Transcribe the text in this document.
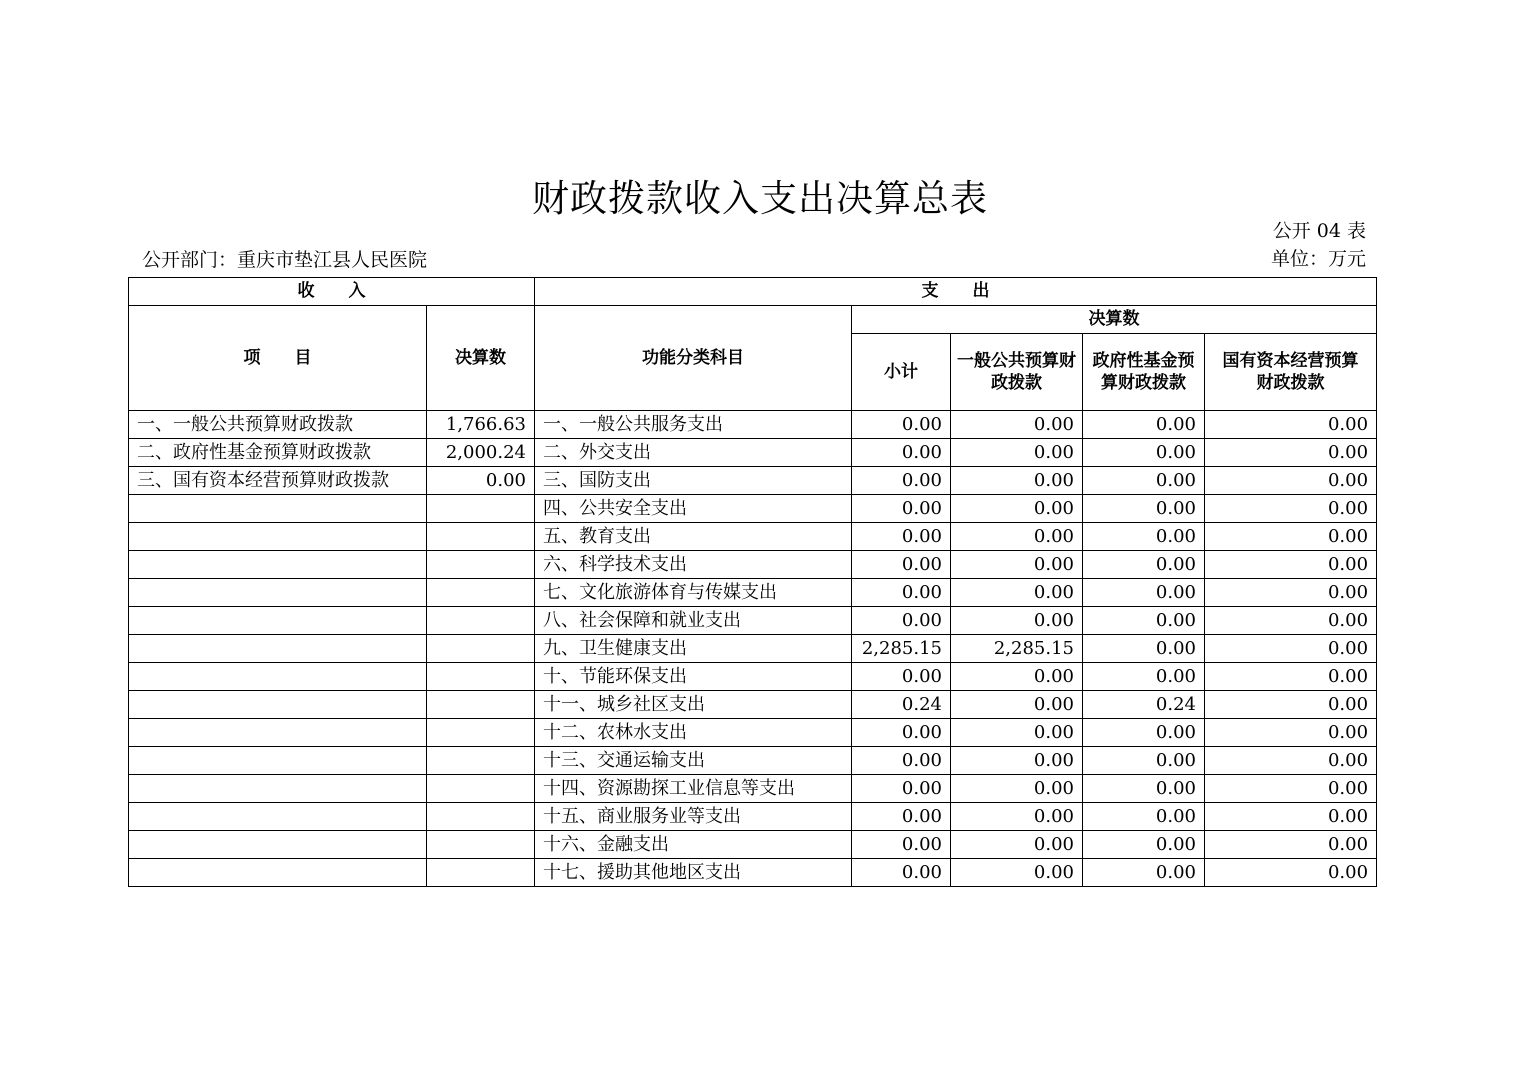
财政拨款收入支出决算总表
公开 04 表
公开部门：重庆市垫江县人民医院	单位：万元
收　　入		支　　出				
项　　目	决算数	功能分类科目	决算数			
			小计	一般公共预算财政拨款	政府性基金预算财政拨款	国有资本经营预算财政拨款
一、一般公共预算财政拨款	1,766.63	一、一般公共服务支出	0.00	0.00	0.00	0.00
二、政府性基金预算财政拨款	2,000.24	二、外交支出	0.00	0.00	0.00	0.00
三、国有资本经营预算财政拨款	0.00	三、国防支出	0.00	0.00	0.00	0.00
		四、公共安全支出	0.00	0.00	0.00	0.00
		五、教育支出	0.00	0.00	0.00	0.00
		六、科学技术支出	0.00	0.00	0.00	0.00
		七、文化旅游体育与传媒支出	0.00	0.00	0.00	0.00
		八、社会保障和就业支出	0.00	0.00	0.00	0.00
		九、卫生健康支出	2,285.15	2,285.15	0.00	0.00
		十、节能环保支出	0.00	0.00	0.00	0.00
		十一、城乡社区支出	0.24	0.00	0.24	0.00
		十二、农林水支出	0.00	0.00	0.00	0.00
		十三、交通运输支出	0.00	0.00	0.00	0.00
		十四、资源勘探工业信息等支出	0.00	0.00	0.00	0.00
		十五、商业服务业等支出	0.00	0.00	0.00	0.00
		十六、金融支出	0.00	0.00	0.00	0.00
		十七、援助其他地区支出	0.00	0.00	0.00	0.00
